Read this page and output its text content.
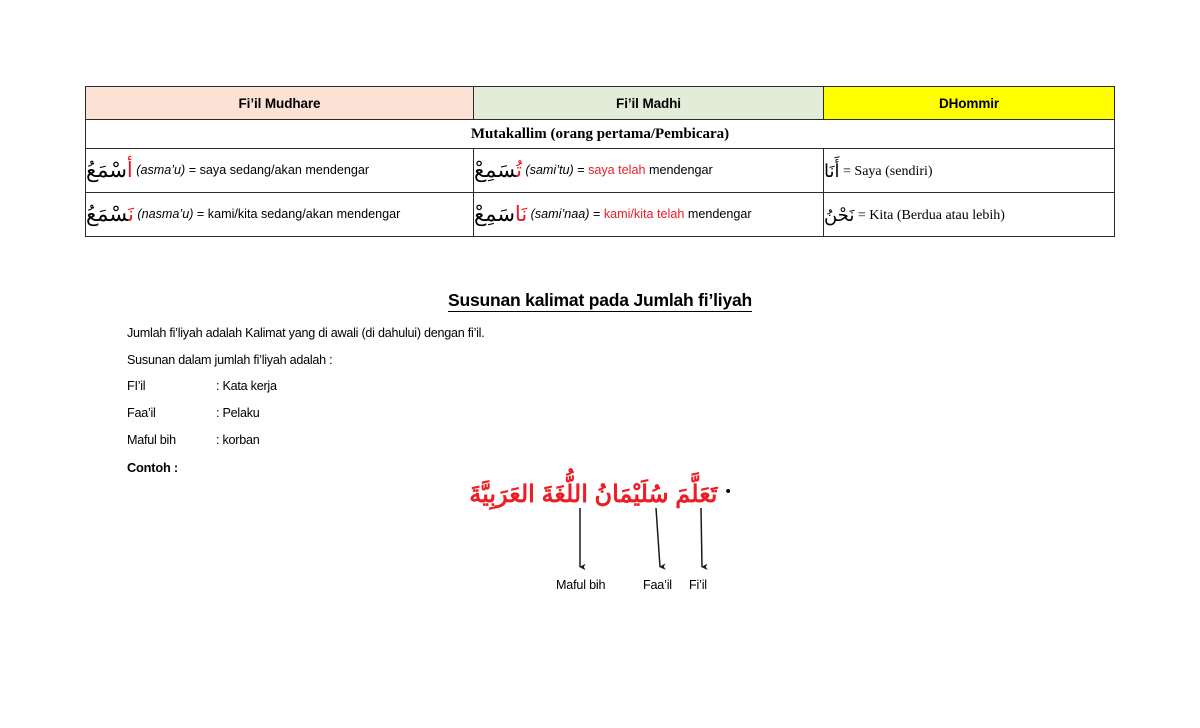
Fi’il Mudhare	Fi’il Madhi	DHommir
Mutakallim (orang pertama/Pembicara)		
أسْمَعُ (asma’u) = saya sedang/akan mendengar	تُسَمِعْ (sami’tu) = saya telah mendengar	أَنَا = Saya (sendiri)
نَسْمَعُ (nasma’u) = kami/kita sedang/akan mendengar	نَاسَمِعْ (sami’naa) = kami/kita telah mendengar	نَحْنُ = Kita (Berdua atau lebih)
Susunan kalimat pada Jumlah fi’liyah
Jumlah fi’liyah adalah Kalimat yang di awali (di dahului) dengan fi’il.
Susunan dalam jumlah fi’liyah adalah :
FI’il	: Kata kerja
Faa’il	: Pelaku
Maful bih	: korban
Contoh :
•تَعَلَّمَ سُلَيْمَانُ اللُّغَةَ العَرَبِيَّةَ
Maful bih	Faa’il Fi’il
